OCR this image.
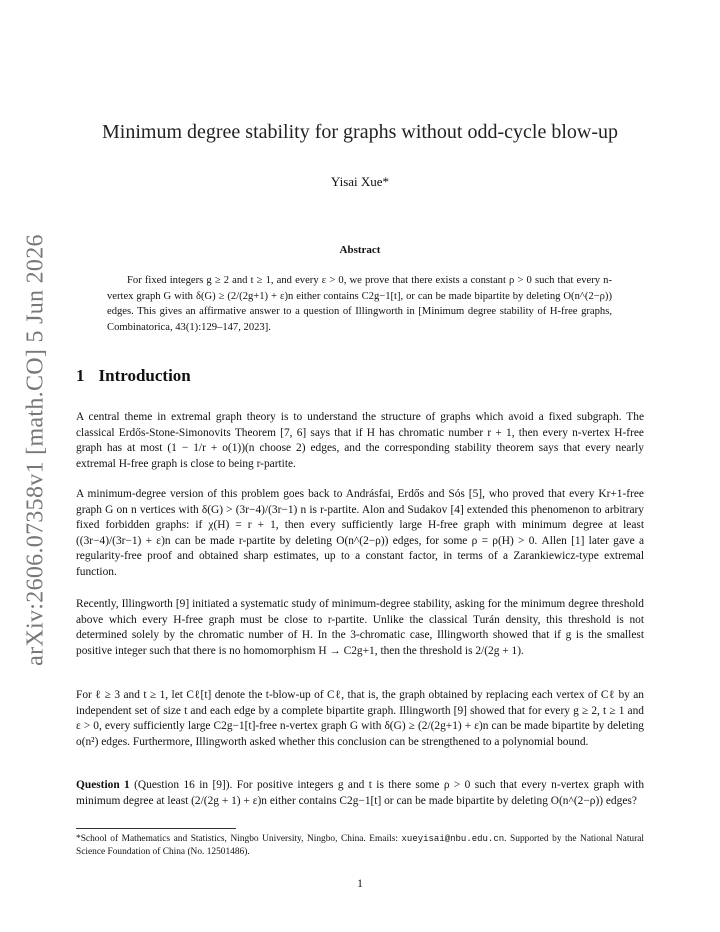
arXiv:2606.07358v1 [math.CO] 5 Jun 2026
Minimum degree stability for graphs without odd-cycle blow-up
Yisai Xue*
Abstract
For fixed integers g ≥ 2 and t ≥ 1, and every ε > 0, we prove that there exists a constant ρ > 0 such that every n-vertex graph G with δ(G) ≥ (2/(2g+1) + ε)n either contains C2g−1[t], or can be made bipartite by deleting O(n^(2−ρ)) edges. This gives an affirmative answer to a question of Illingworth in [Minimum degree stability of H-free graphs, Combinatorica, 43(1):129–147, 2023].
1 Introduction
A central theme in extremal graph theory is to understand the structure of graphs which avoid a fixed subgraph. The classical Erdős-Stone-Simonovits Theorem [7, 6] says that if H has chromatic number r + 1, then every n-vertex H-free graph has at most (1 − 1/r + o(1))(n choose 2) edges, and the corresponding stability theorem says that every nearly extremal H-free graph is close to being r-partite.
A minimum-degree version of this problem goes back to Andrásfai, Erdős and Sós [5], who proved that every Kr+1-free graph G on n vertices with δ(G) > (3r−4)/(3r−1) n is r-partite. Alon and Sudakov [4] extended this phenomenon to arbitrary fixed forbidden graphs: if χ(H) = r + 1, then every sufficiently large H-free graph with minimum degree at least ((3r−4)/(3r−1) + ε)n can be made r-partite by deleting O(n^(2−ρ)) edges, for some ρ = ρ(H) > 0. Allen [1] later gave a regularity-free proof and obtained sharp estimates, up to a constant factor, in terms of a Zarankiewicz-type extremal function.
Recently, Illingworth [9] initiated a systematic study of minimum-degree stability, asking for the minimum degree threshold above which every H-free graph must be close to r-partite. Unlike the classical Turán density, this threshold is not determined solely by the chromatic number of H. In the 3-chromatic case, Illingworth showed that if g is the smallest positive integer such that there is no homomorphism H → C2g+1, then the threshold is 2/(2g + 1).
For ℓ ≥ 3 and t ≥ 1, let Cℓ[t] denote the t-blow-up of Cℓ, that is, the graph obtained by replacing each vertex of Cℓ by an independent set of size t and each edge by a complete bipartite graph. Illingworth [9] showed that for every g ≥ 2, t ≥ 1 and ε > 0, every sufficiently large C2g−1[t]-free n-vertex graph G with δ(G) ≥ (2/(2g+1) + ε)n can be made bipartite by deleting o(n²) edges. Furthermore, Illingworth asked whether this conclusion can be strengthened to a polynomial bound.
Question 1 (Question 16 in [9]). For positive integers g and t is there some ρ > 0 such that every n-vertex graph with minimum degree at least (2/(2g + 1) + ε)n either contains C2g−1[t] or can be made bipartite by deleting O(n^(2−ρ)) edges?
*School of Mathematics and Statistics, Ningbo University, Ningbo, China. Emails: xueyisai@nbu.edu.cn. Supported by the National Natural Science Foundation of China (No. 12501486).
1
